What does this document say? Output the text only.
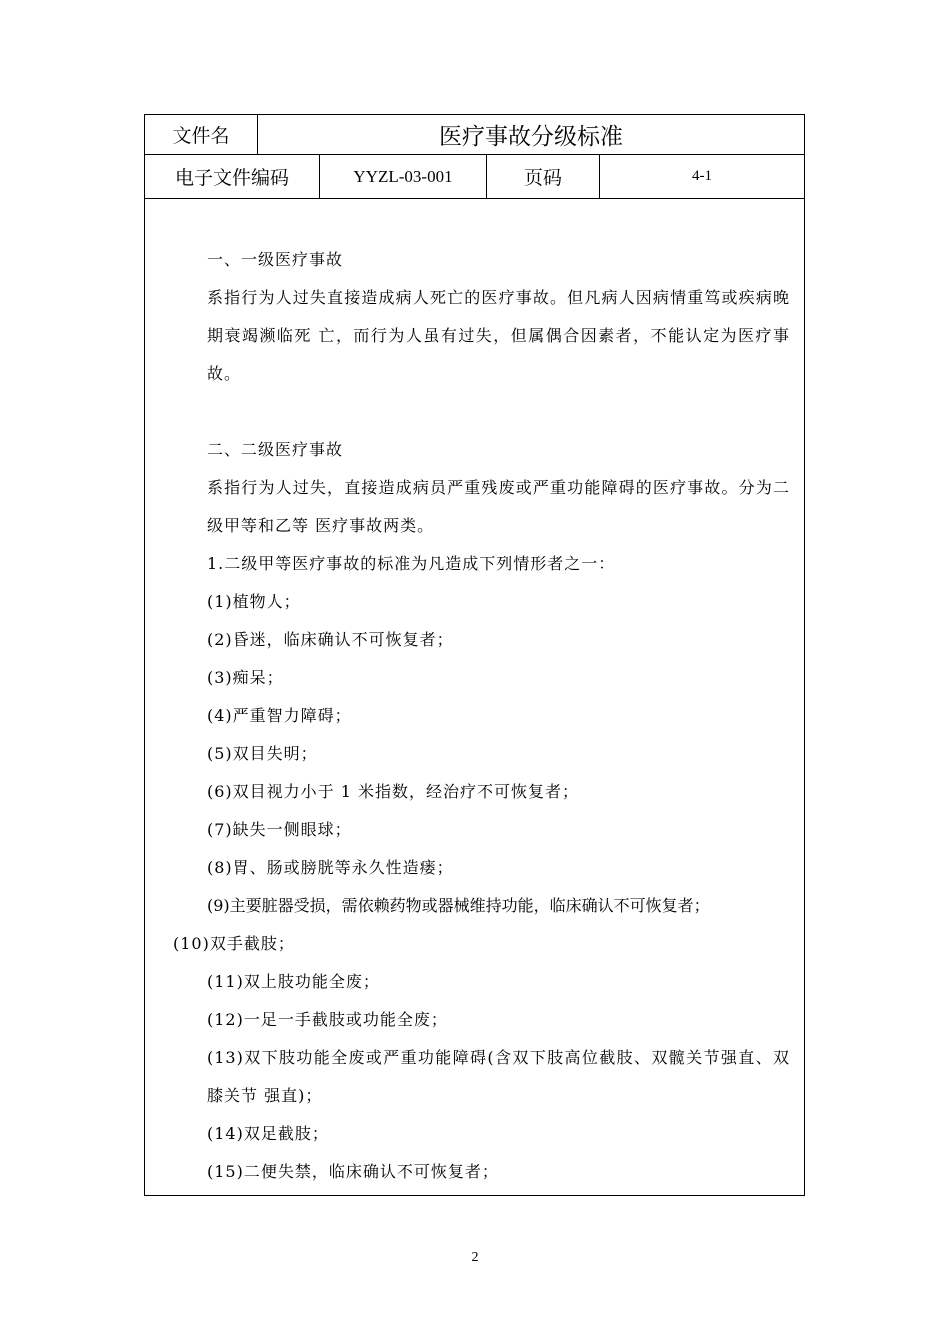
文件名	医疗事故分级标准
电子文件编码	YYZL-03-001	页码	4-1
一、一级医疗事故
系指行为人过失直接造成病人死亡的医疗事故。但凡病人因病情重笃或疾病晚期衰竭濒临死 亡，而行为人虽有过失，但属偶合因素者，不能认定为医疗事故。
二、二级医疗事故
系指行为人过失，直接造成病员严重残废或严重功能障碍的医疗事故。分为二级甲等和乙等 医疗事故两类。
1.二级甲等医疗事故的标准为凡造成下列情形者之一：
(1)植物人；
(2)昏迷，临床确认不可恢复者；
(3)痴呆；
(4)严重智力障碍；
(5)双目失明；
(6)双目视力小于 1 米指数，经治疗不可恢复者；
(7)缺失一侧眼球；
(8)胃、肠或膀胱等永久性造瘘；
(9)主要脏器受损，需依赖药物或器械维持功能，临床确认不可恢复者；
(10)双手截肢；
(11)双上肢功能全废；
(12)一足一手截肢或功能全废；
(13)双下肢功能全废或严重功能障碍(含双下肢高位截肢、双髋关节强直、双膝关节 强直)；
(14)双足截肢；
(15)二便失禁，临床确认不可恢复者；
2
